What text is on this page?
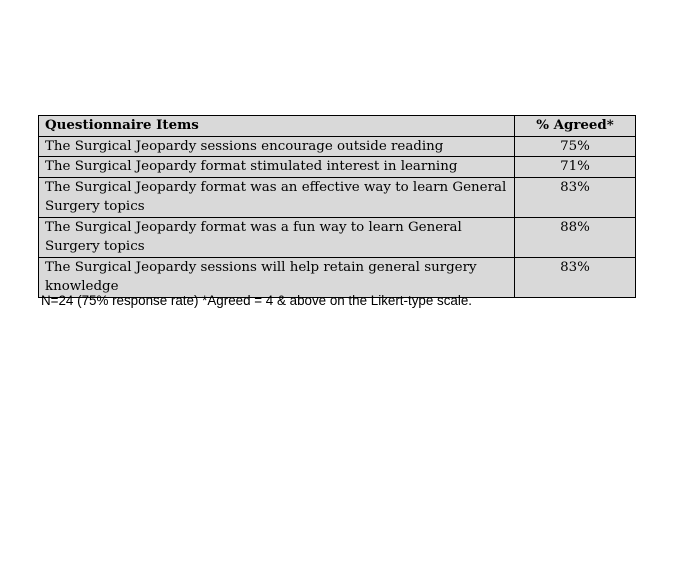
Questionnaire Items	% Agreed*
The Surgical Jeopardy sessions encourage outside reading	75%
The Surgical Jeopardy format stimulated interest in learning	71%
The Surgical Jeopardy format was an effective way to learn General Surgery topics	83%
The Surgical Jeopardy format was a fun way to learn General Surgery topics	88%
The Surgical Jeopardy sessions will help retain general surgery knowledge	83%
N=24 (75% response rate) *Agreed = 4 & above on the Likert-type scale.
